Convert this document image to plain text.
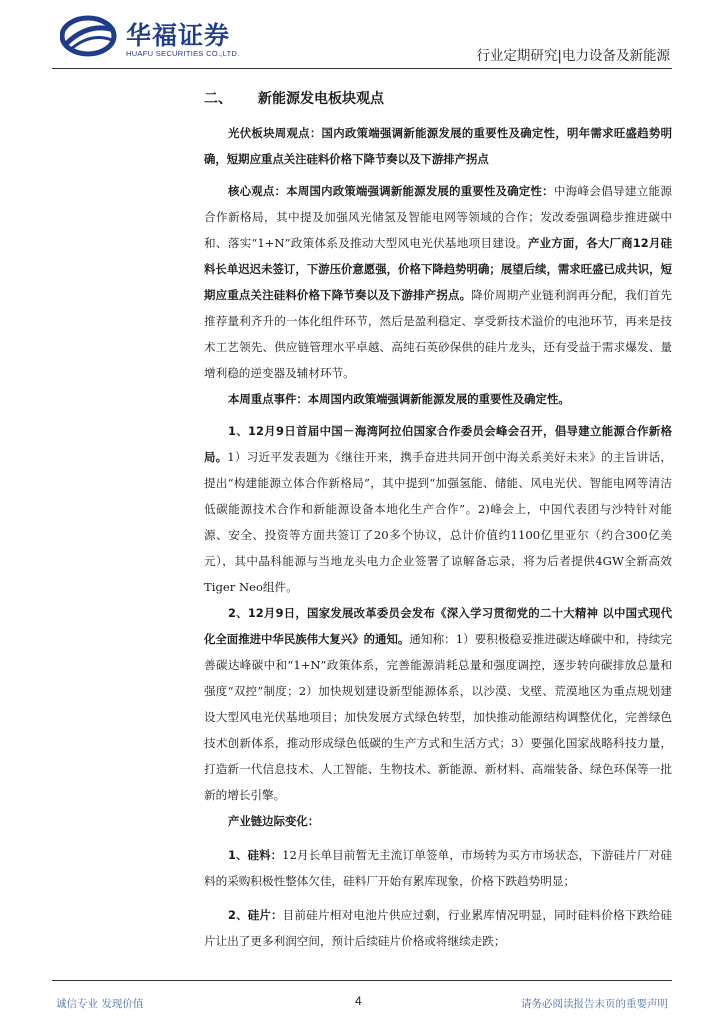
华福证券
HUAFU SECURITIES CO.,LTD.	行业定期研究|电力设备及新能源
二、 新能源发电板块观点
光伏板块周观点：国内政策端强调新能源发展的重要性及确定性，明年需求旺盛趋势明确，短期应重点关注硅料价格下降节奏以及下游排产拐点
核心观点：本周国内政策端强调新能源发展的重要性及确定性：中海峰会倡导建立能源合作新格局，其中提及加强风光储氢及智能电网等领域的合作；发改委强调稳步推进碳中和、落实“1+N”政策体系及推动大型风电光伏基地项目建设。产业方面，各大厂商12月硅料长单迟迟未签订，下游压价意愿强，价格下降趋势明确；展望后续，需求旺盛已成共识，短期应重点关注硅料价格下降节奏以及下游排产拐点。降价周期产业链利润再分配，我们首先推荐量利齐升的一体化组件环节，然后是盈利稳定、享受新技术溢价的电池环节，再来是技术工艺领先、供应链管理水平卓越、高纯石英砂保供的硅片龙头，还有受益于需求爆发、量增利稳的逆变器及辅材环节。
本周重点事件：本周国内政策端强调新能源发展的重要性及确定性。
1、12月9日首届中国－海湾阿拉伯国家合作委员会峰会召开，倡导建立能源合作新格局。1）习近平发表题为《继往开来，携手奋进共同开创中海关系美好未来》的主旨讲话，提出“构建能源立体合作新格局”，其中提到“加强氢能、储能、风电光伏、智能电网等清洁低碳能源技术合作和新能源设备本地化生产合作”。2)峰会上，中国代表团与沙特针对能源、安全、投资等方面共签订了20多个协议，总计价值约1100亿里亚尔（约合300亿美元），其中晶科能源与当地龙头电力企业签署了谅解备忘录，将为后者提供4GW全新高效Tiger Neo组件。
2、12月9日，国家发展改革委员会发布《深入学习贯彻党的二十大精神 以中国式现代化全面推进中华民族伟大复兴》的通知。通知称：1）要积极稳妥推进碳达峰碳中和，持续完善碳达峰碳中和“1+N”政策体系，完善能源消耗总量和强度调控，逐步转向碳排放总量和强度“双控”制度；2）加快规划建设新型能源体系，以沙漠、戈壁、荒漠地区为重点规划建设大型风电光伏基地项目；加快发展方式绿色转型，加快推动能源结构调整优化，完善绿色技术创新体系，推动形成绿色低碳的生产方式和生活方式；3）要强化国家战略科技力量，打造新一代信息技术、人工智能、生物技术、新能源、新材料、高端装备、绿色环保等一批新的增长引擎。
产业链边际变化：
1、硅料：12月长单目前暂无主流订单签单，市场转为买方市场状态，下游硅片厂对硅料的采购积极性整体欠佳，硅料厂开始有累库现象，价格下跌趋势明显；
2、硅片：目前硅片相对电池片供应过剩，行业累库情况明显，同时硅料价格下跌给硅片让出了更多利润空间，预计后续硅片价格或将继续走跌；
诚信专业 发现价值	4	请务必阅读报告末页的重要声明
